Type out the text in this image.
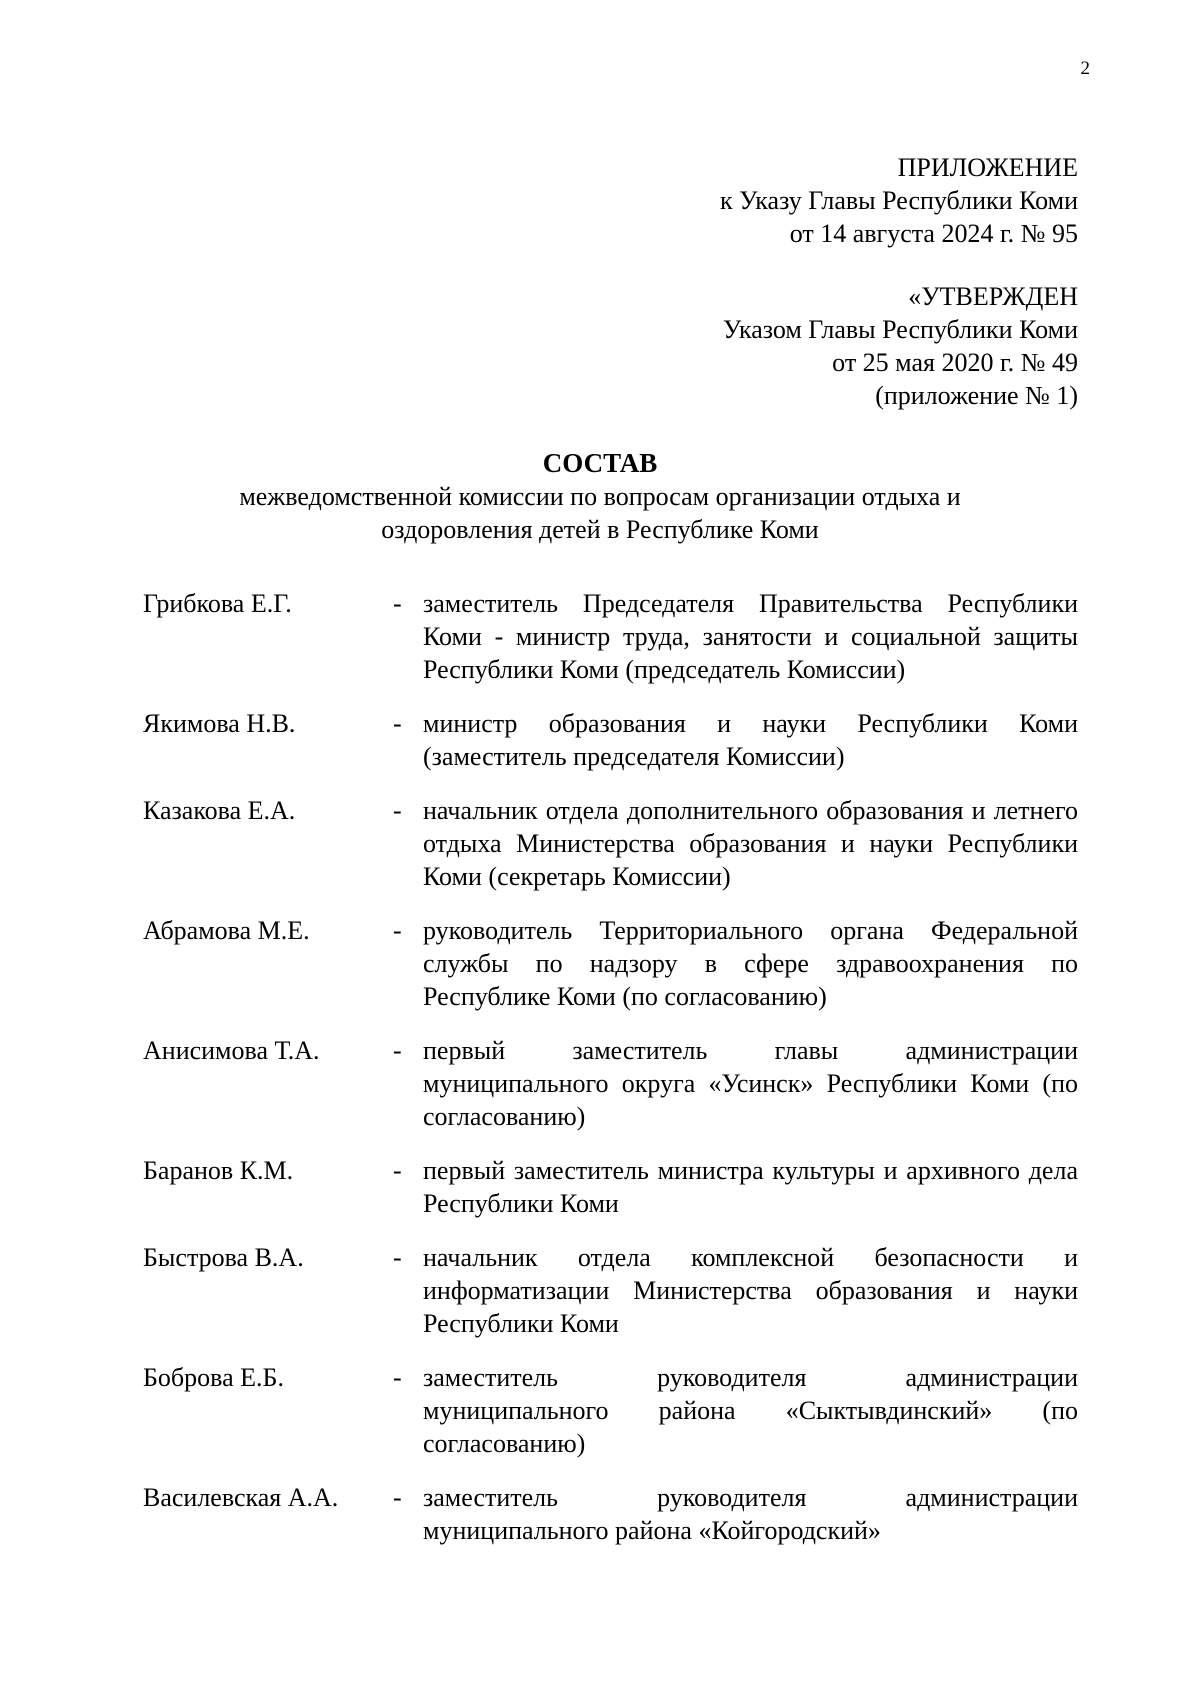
2
ПРИЛОЖЕНИЕ
к Указу Главы Республики Коми
от 14 августа 2024 г. № 95
«УТВЕРЖДЕН
Указом Главы Республики Коми
от 25 мая 2020 г. № 49
(приложение № 1)
СОСТАВ
межведомственной комиссии по вопросам организации отдыха и
оздоровления детей в Республике Коми
Грибкова Е.Г.	- заместитель Председателя Правительства Республики Коми - министр труда, занятости и социальной защиты Республики Коми (председатель Комиссии)
Якимова Н.В.	- министр образования и науки Республики Коми (заместитель председателя Комиссии)
Казакова Е.А.	- начальник отдела дополнительного образования и летнего отдыха Министерства образования и науки Республики Коми (секретарь Комиссии)
Абрамова М.Е.	- руководитель Территориального органа Федеральной службы по надзору в сфере здравоохранения по Республике Коми (по согласованию)
Анисимова Т.А.	- первый заместитель главы администрации муниципального округа «Усинск» Республики Коми (по согласованию)
Баранов К.М.	- первый заместитель министра культуры и архивного дела Республики Коми
Быстрова В.А.	- начальник отдела комплексной безопасности и информатизации Министерства образования и науки Республики Коми
Боброва Е.Б.	- заместитель руководителя администрации муниципального района «Сыктывдинский» (по согласованию)
Василевская А.А.	- заместитель руководителя администрации муниципального района «Койгородский»
